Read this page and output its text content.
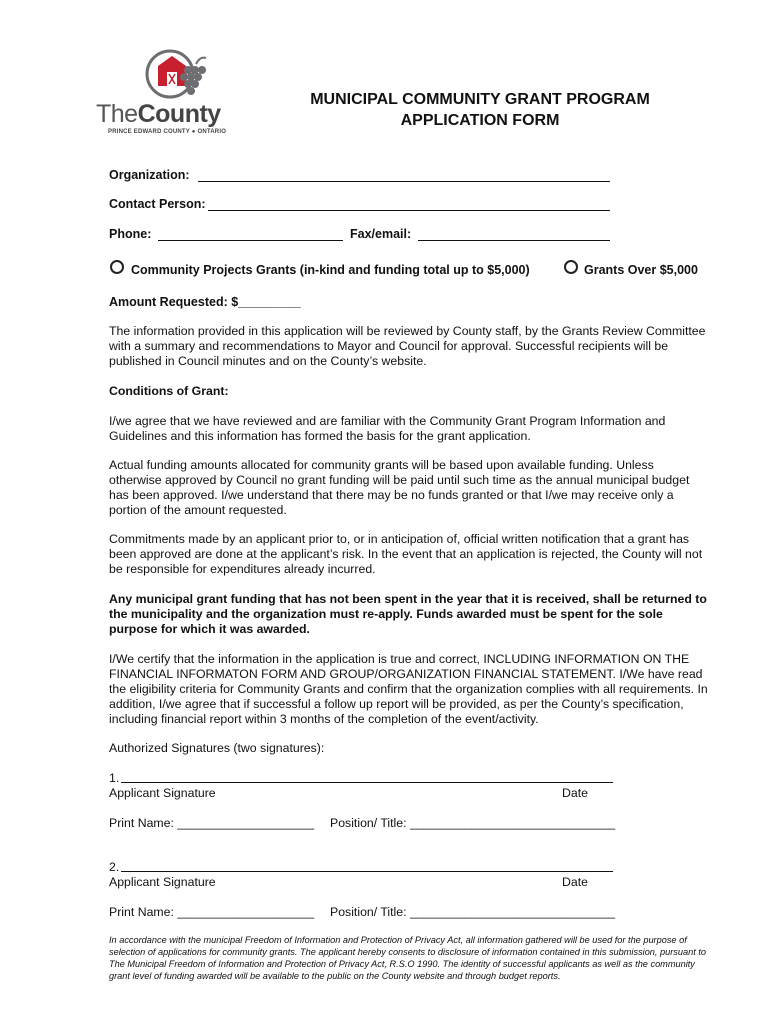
TheCounty
PRINCE EDWARD COUNTY ● ONTARIO
MUNICIPAL COMMUNITY GRANT PROGRAM
APPLICATION FORM
Organization:
Contact Person:
Phone:	Fax/email:
Community Projects Grants (in-kind and funding total up to $5,000)	Grants Over $5,000
Amount Requested: $_________
The information provided in this application will be reviewed by County staff, by the Grants Review Committee with a summary and recommendations to Mayor and Council for approval. Successful recipients will be published in Council minutes and on the County’s website.
Conditions of Grant:
I/we agree that we have reviewed and are familiar with the Community Grant Program Information and Guidelines and this information has formed the basis for the grant application.
Actual funding amounts allocated for community grants will be based upon available funding. Unless otherwise approved by Council no grant funding will be paid until such time as the annual municipal budget has been approved. I/we understand that there may be no funds granted or that I/we may receive only a portion of the amount requested.
Commitments made by an applicant prior to, or in anticipation of, official written notification that a grant has been approved are done at the applicant’s risk. In the event that an application is rejected, the County will not be responsible for expenditures already incurred.
Any municipal grant funding that has not been spent in the year that it is received, shall be returned to the municipality and the organization must re-apply. Funds awarded must be spent for the sole purpose for which it was awarded.
I/We certify that the information in the application is true and correct, INCLUDING INFORMATION ON THE FINANCIAL INFORMATON FORM AND GROUP/ORGANIZATION FINANCIAL STATEMENT. I/We have read the eligibility criteria for Community Grants and confirm that the organization complies with all requirements. In addition, I/we agree that if successful a follow up report will be provided, as per the County’s specification, including financial report within 3 months of the completion of the event/activity.
Authorized Signatures (two signatures):
1.
Applicant Signature	Date
Print Name: ____________________ Position/ Title: ______________________________
2.
Applicant Signature	Date
Print Name: ____________________ Position/ Title: ______________________________
In accordance with the municipal Freedom of Information and Protection of Privacy Act, all information gathered will be used for the purpose of selection of applications for community grants. The applicant hereby consents to disclosure of information contained in this submission, pursuant to The Municipal Freedom of Information and Protection of Privacy Act, R.S.O 1990. The identity of successful applicants as well as the community grant level of funding awarded will be available to the public on the County website and through budget reports.
